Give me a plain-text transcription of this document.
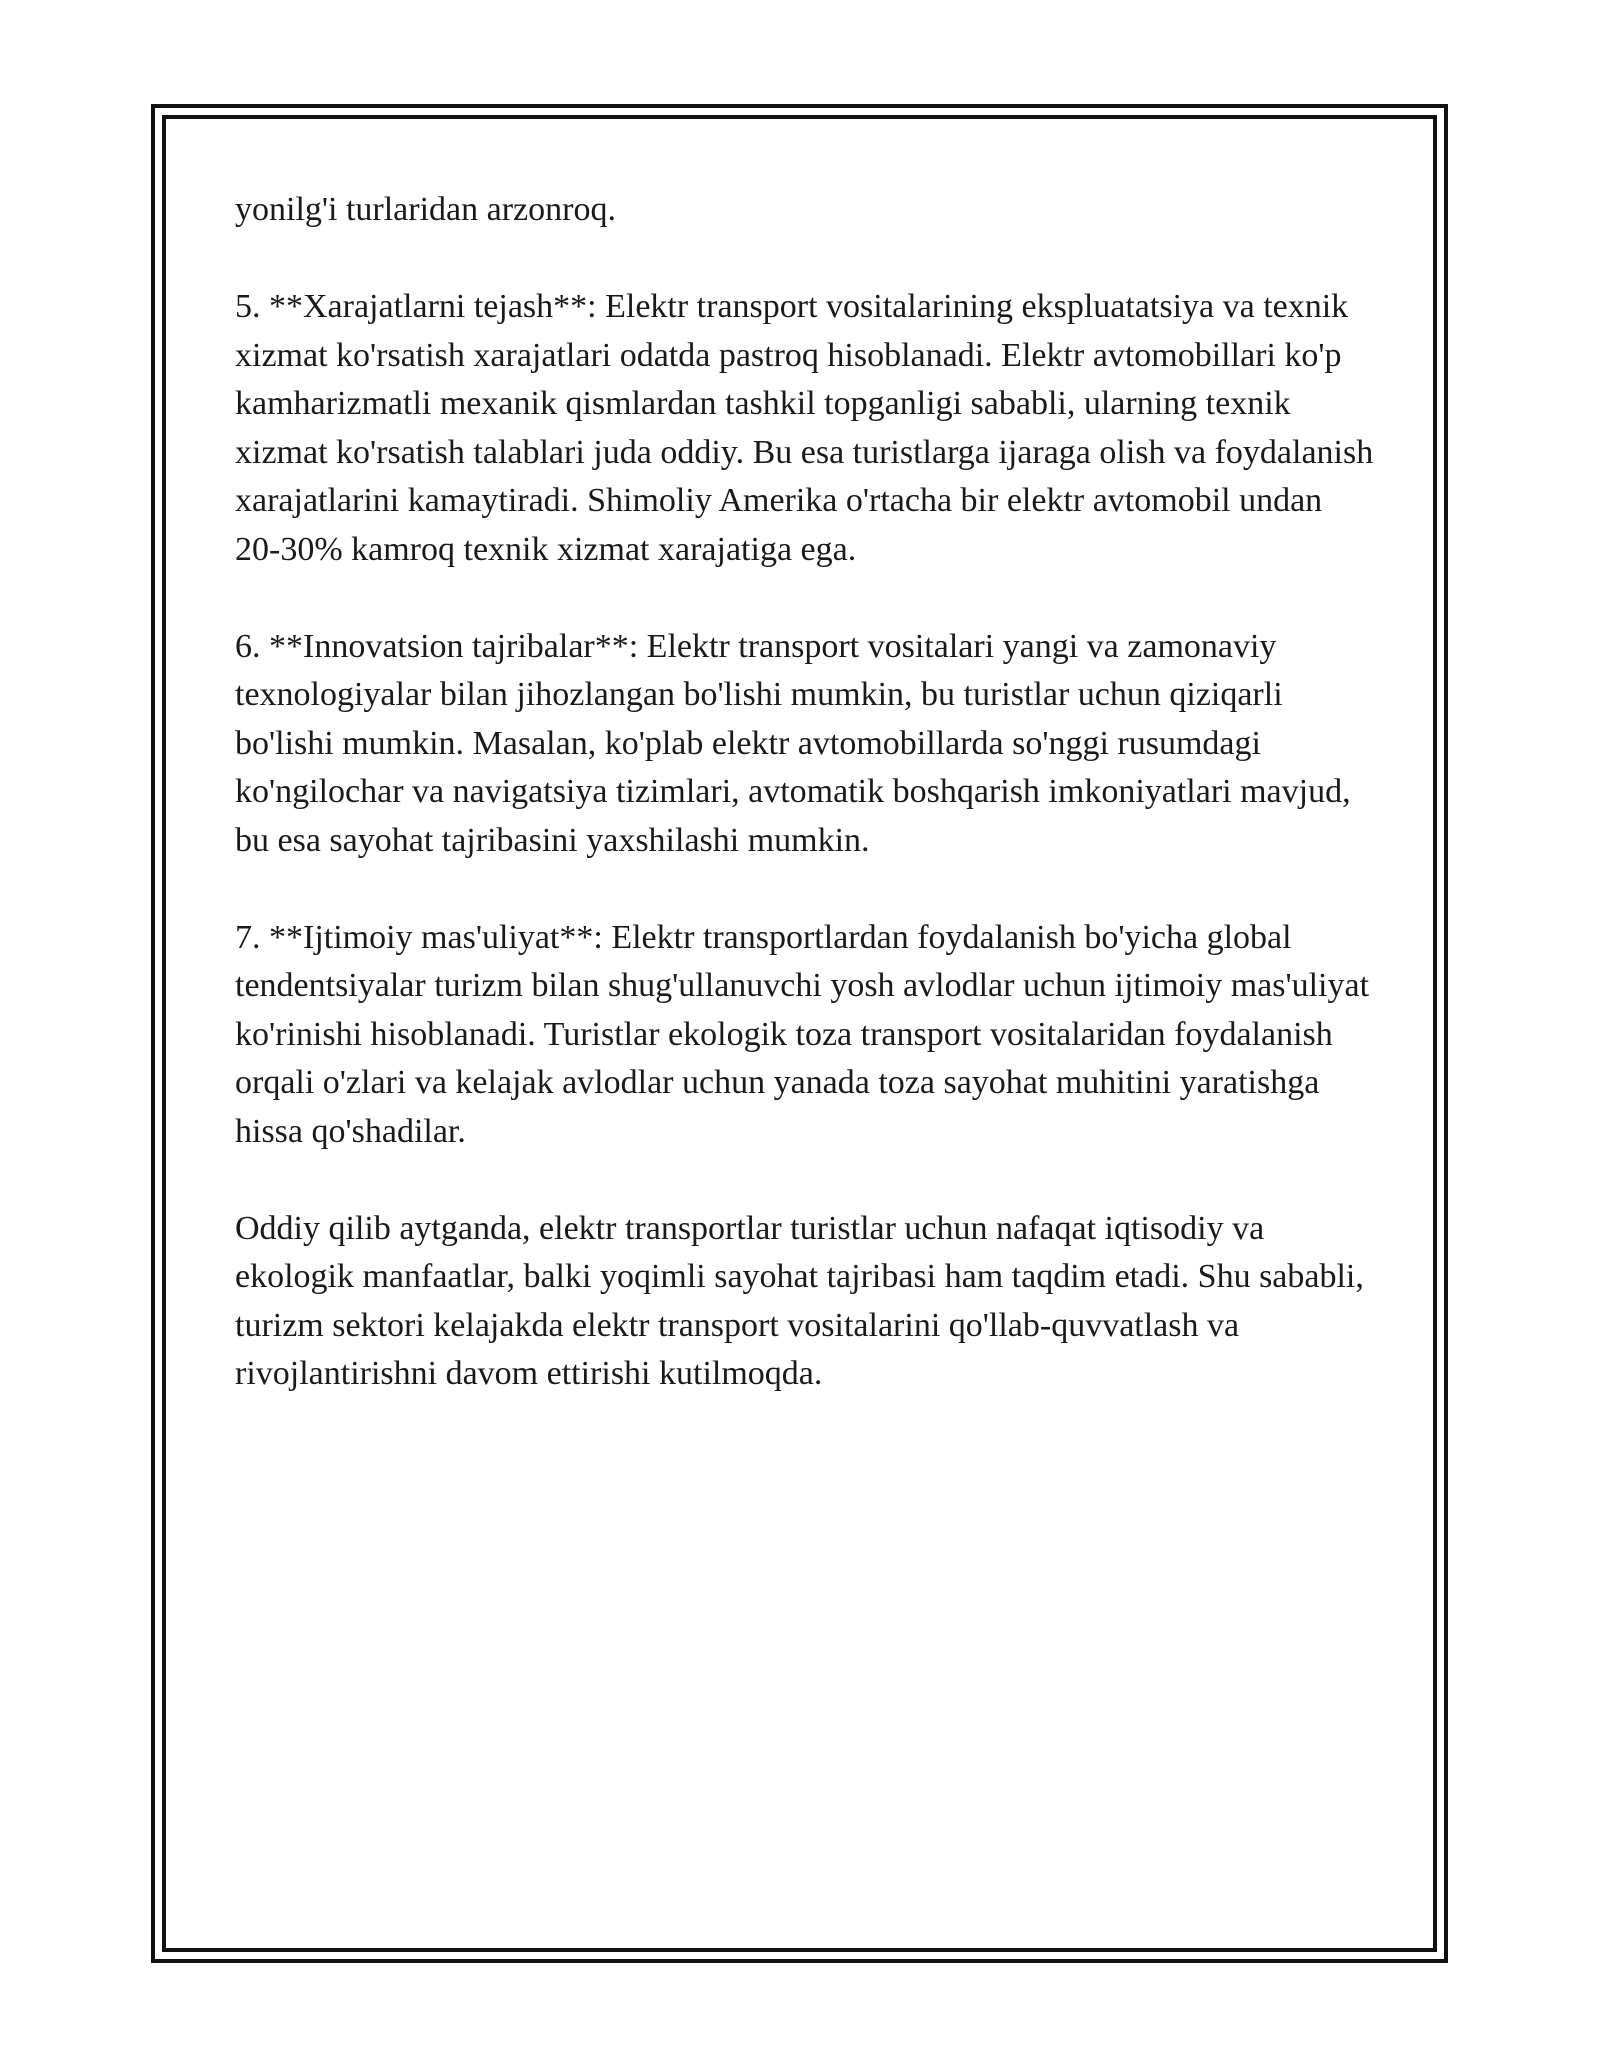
yonilg'i turlaridan arzonroq.

5. **Xarajatlarni tejash**: Elektr transport vositalarining ekspluatatsiya va texnik xizmat ko'rsatish xarajatlari odatda pastroq hisoblanadi. Elektr avtomobillari ko'p kamharizmatli mexanik qismlardan tashkil topganligi sababli, ularning texnik xizmat ko'rsatish talablari juda oddiy. Bu esa turistlarga ijaraga olish va foydalanish xarajatlarini kamaytiradi. Shimoliy Amerika o'rtacha bir elektr avtomobil undan 20-30% kamroq texnik xizmat xarajatiga ega.

6. **Innovatsion tajribalar**: Elektr transport vositalari yangi va zamonaviy texnologiyalar bilan jihozlangan bo'lishi mumkin, bu turistlar uchun qiziqarli bo'lishi mumkin. Masalan, ko'plab elektr avtomobillarda so'nggi rusumdagi ko'ngilochar va navigatsiya tizimlari, avtomatik boshqarish imkoniyatlari mavjud, bu esa sayohat tajribasini yaxshilashi mumkin.

7. **Ijtimoiy mas'uliyat**: Elektr transportlardan foydalanish bo'yicha global tendentsiyalar turizm bilan shug'ullanuvchi yosh avlodlar uchun ijtimoiy mas'uliyat ko'rinishi hisoblanadi. Turistlar ekologik toza transport vositalaridan foydalanish orqali o'zlari va kelajak avlodlar uchun yanada toza sayohat muhitini yaratishga hissa qo'shadilar.

Oddiy qilib aytganda, elektr transportlar turistlar uchun nafaqat iqtisodiy va ekologik manfaatlar, balki yoqimli sayohat tajribasi ham taqdim etadi. Shu sababli, turizm sektori kelajakda elektr transport vositalarini qo'llab-quvvatlash va rivojlantirishni davom ettirishi kutilmoqda.
